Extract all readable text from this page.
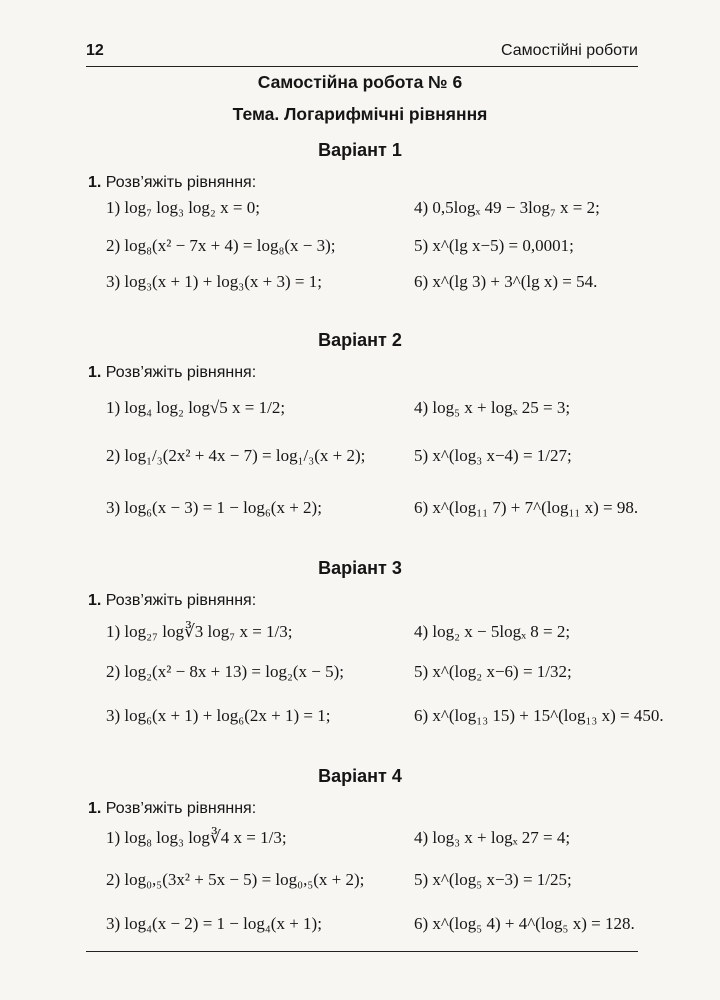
12	Самостійні роботи
Самостійна робота № 6
Тема. Логарифмічні рівняння
Варіант 1
1. Розв’яжіть рівняння:
1) log₇ log₃ log₂ x = 0;	4) 0,5logₓ 49 − 3log₇ x = 2;
2) log₈(x² − 7x + 4) = log₈(x − 3);	5) x^(lg x−5) = 0,0001;
3) log₃(x + 1) + log₃(x + 3) = 1;	6) x^(lg 3) + 3^(lg x) = 54.
Варіант 2
1. Розв’яжіть рівняння:
1) log₄ log₂ log√5 x = 1/2;	4) log₅ x + logₓ 25 = 3;
2) log₁/₃(2x² + 4x − 7) = log₁/₃(x + 2);	5) x^(log₃ x−4) = 1/27;
3) log₆(x − 3) = 1 − log₆(x + 2);	6) x^(log₁₁ 7) + 7^(log₁₁ x) = 98.
Варіант 3
1. Розв’яжіть рівняння:
1) log₂₇ log∛3 log₇ x = 1/3;	4) log₂ x − 5logₓ 8 = 2;
2) log₂(x² − 8x + 13) = log₂(x − 5);	5) x^(log₂ x−6) = 1/32;
3) log₆(x + 1) + log₆(2x + 1) = 1;	6) x^(log₁₃ 15) + 15^(log₁₃ x) = 450.
Варіант 4
1. Розв’яжіть рівняння:
1) log₈ log₃ log∛4 x = 1/3;	4) log₃ x + logₓ 27 = 4;
2) log₀,₅(3x² + 5x − 5) = log₀,₅(x + 2);	5) x^(log₅ x−3) = 1/25;
3) log₄(x − 2) = 1 − log₄(x + 1);	6) x^(log₅ 4) + 4^(log₅ x) = 128.
